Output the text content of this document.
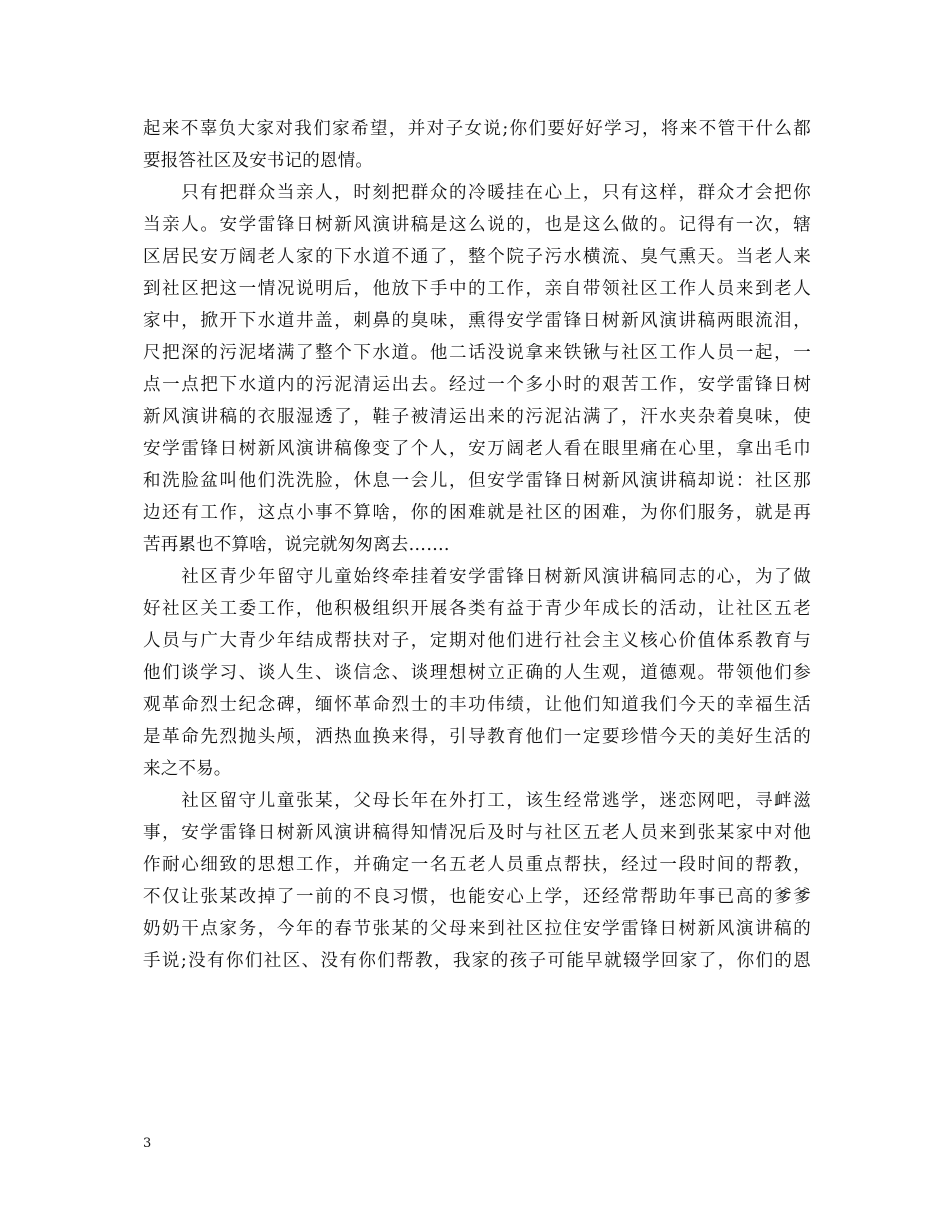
起来不辜负大家对我们家希望，并对子女说;你们要好好学习，将来不管干什么都
要报答社区及安书记的恩情。
　　只有把群众当亲人，时刻把群众的冷暖挂在心上，只有这样，群众才会把你
当亲人。安学雷锋日树新风演讲稿是这么说的，也是这么做的。记得有一次，辖
区居民安万阔老人家的下水道不通了，整个院子污水横流、臭气熏天。当老人来
到社区把这一情况说明后，他放下手中的工作，亲自带领社区工作人员来到老人
家中，掀开下水道井盖，刺鼻的臭味，熏得安学雷锋日树新风演讲稿两眼流泪，
尺把深的污泥堵满了整个下水道。他二话没说拿来铁锹与社区工作人员一起，一
点一点把下水道内的污泥清运出去。经过一个多小时的艰苦工作，安学雷锋日树
新风演讲稿的衣服湿透了，鞋子被清运出来的污泥沾满了，汗水夹杂着臭味，使
安学雷锋日树新风演讲稿像变了个人，安万阔老人看在眼里痛在心里，拿出毛巾
和洗脸盆叫他们洗洗脸，休息一会儿，但安学雷锋日树新风演讲稿却说：社区那
边还有工作，这点小事不算啥，你的困难就是社区的困难，为你们服务，就是再
苦再累也不算啥，说完就匆匆离去…….
　　社区青少年留守儿童始终牵挂着安学雷锋日树新风演讲稿同志的心，为了做
好社区关工委工作，他积极组织开展各类有益于青少年成长的活动，让社区五老
人员与广大青少年结成帮扶对子，定期对他们进行社会主义核心价值体系教育与
他们谈学习、谈人生、谈信念、谈理想树立正确的人生观，道德观。带领他们参
观革命烈士纪念碑，缅怀革命烈士的丰功伟绩，让他们知道我们今天的幸福生活
是革命先烈抛头颅，洒热血换来得，引导教育他们一定要珍惜今天的美好生活的
来之不易。
　　社区留守儿童张某，父母长年在外打工，该生经常逃学，迷恋网吧，寻衅滋
事，安学雷锋日树新风演讲稿得知情况后及时与社区五老人员来到张某家中对他
作耐心细致的思想工作，并确定一名五老人员重点帮扶，经过一段时间的帮教，
不仅让张某改掉了一前的不良习惯，也能安心上学，还经常帮助年事已高的爹爹
奶奶干点家务，今年的春节张某的父母来到社区拉住安学雷锋日树新风演讲稿的
手说;没有你们社区、没有你们帮教，我家的孩子可能早就辍学回家了，你们的恩
3
